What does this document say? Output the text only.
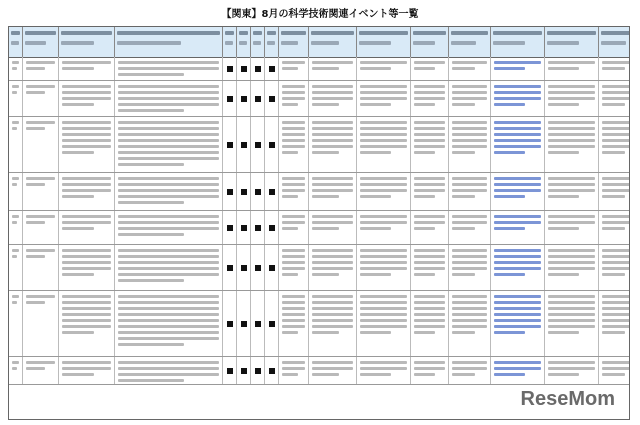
【関東】8月の科学技術関連イベント等一覧
ReseMom
